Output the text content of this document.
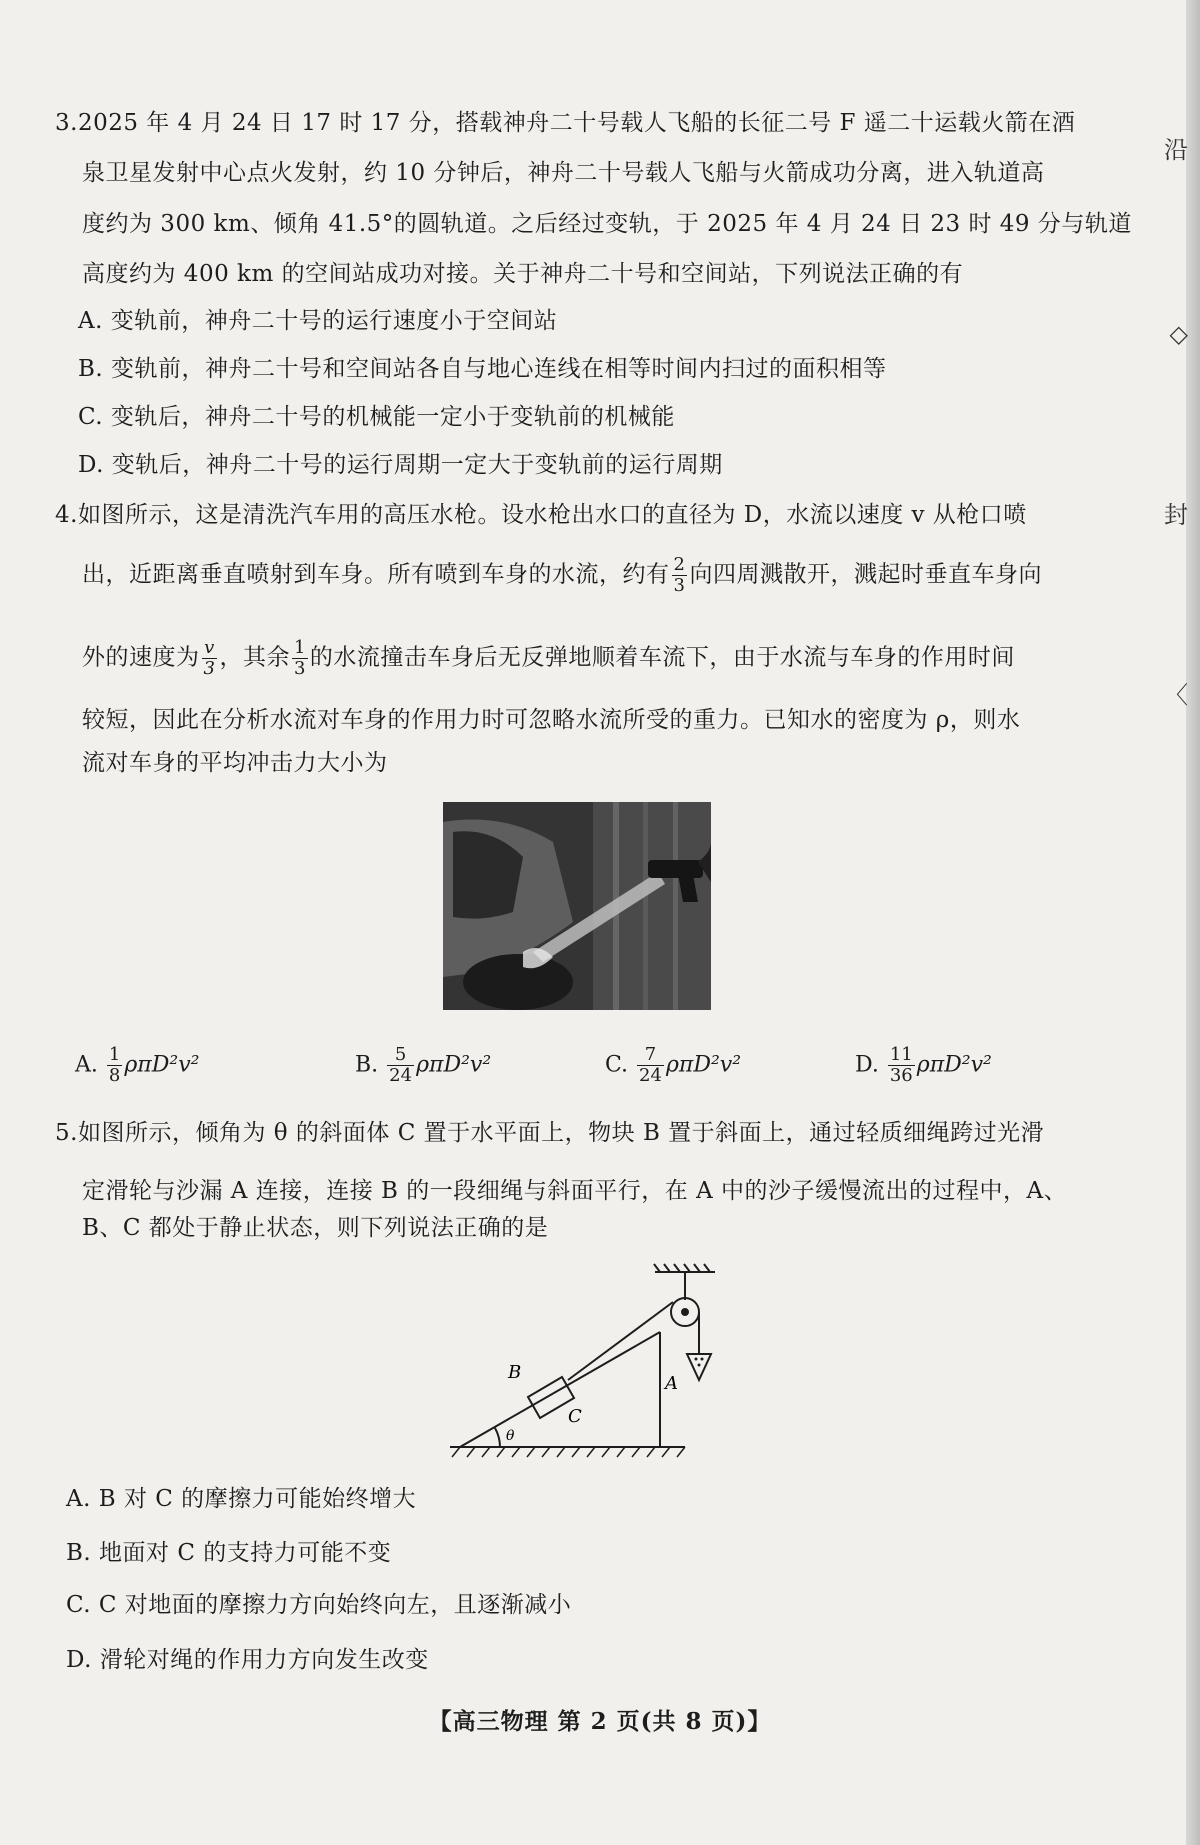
沿
◇
封
〈
3.2025 年 4 月 24 日 17 时 17 分，搭载神舟二十号载人飞船的长征二号 F 遥二十运载火箭在酒
泉卫星发射中心点火发射，约 10 分钟后，神舟二十号载人飞船与火箭成功分离，进入轨道高
度约为 300 km、倾角 41.5°的圆轨道。之后经过变轨，于 2025 年 4 月 24 日 23 时 49 分与轨道
高度约为 400 km 的空间站成功对接。关于神舟二十号和空间站，下列说法正确的有
A. 变轨前，神舟二十号的运行速度小于空间站
B. 变轨前，神舟二十号和空间站各自与地心连线在相等时间内扫过的面积相等
C. 变轨后，神舟二十号的机械能一定小于变轨前的机械能
D. 变轨后，神舟二十号的运行周期一定大于变轨前的运行周期
4.如图所示，这是清洗汽车用的高压水枪。设水枪出水口的直径为 D，水流以速度 v 从枪口喷
出，近距离垂直喷射到车身。所有喷到车身的水流，约有 $\frac{2}{3}$ 向四周溅散开，溅起时垂直车身向
外的速度为 $\frac{v}{3}$ ，其余 $\frac{1}{3}$ 的水流撞击车身后无反弹地顺着车流下，由于水流与车身的作用时间
较短，因此在分析水流对车身的作用力时可忽略水流所受的重力。已知水的密度为 ρ，则水
流对车身的平均冲击力大小为
A. $\frac{1}{8} \rho\pi D^2v^2$	B. $\frac{5}{24} \rho\pi D^2v^2$	C. $\frac{7}{24} \rho\pi D^2v^2$	D. $\frac{11}{36} \rho\pi D^2v^2$
5.如图所示，倾角为 θ 的斜面体 C 置于水平面上，物块 B 置于斜面上，通过轻质细绳跨过光滑
定滑轮与沙漏 A 连接，连接 B 的一段细绳与斜面平行，在 A 中的沙子缓慢流出的过程中，A、
B、C 都处于静止状态，则下列说法正确的是
B
A
C
θ
A. B 对 C 的摩擦力可能始终增大
B. 地面对 C 的支持力可能不变
C. C 对地面的摩擦力方向始终向左，且逐渐减小
D. 滑轮对绳的作用力方向发生改变
【高三物理 第 2 页(共 8 页)】
